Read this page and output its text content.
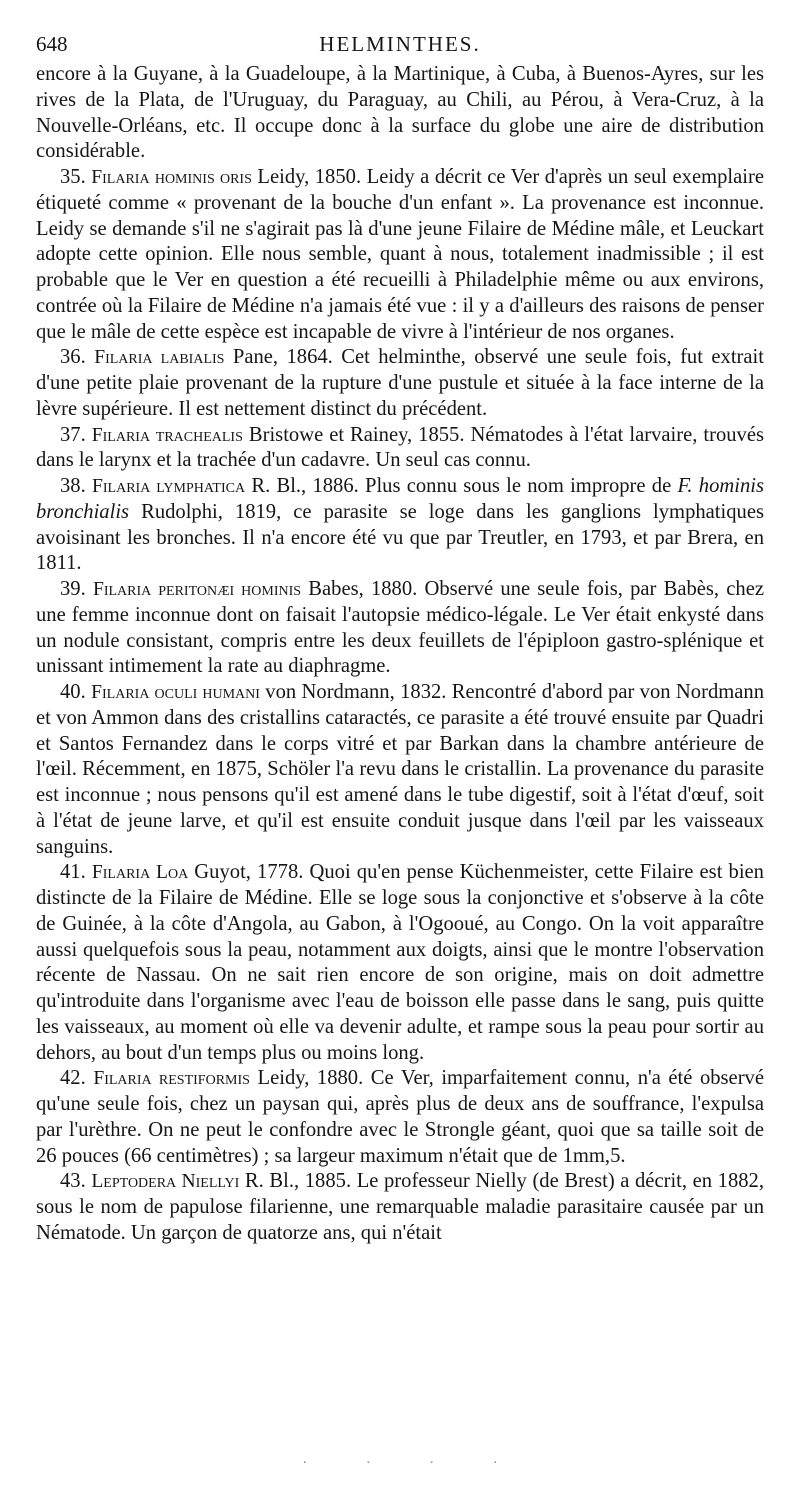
648	HELMINTHES.

encore à la Guyane, à la Guadeloupe, à la Martinique, à Cuba, à Buenos-Ayres, sur les rives de la Plata, de l'Uruguay, du Paraguay, au Chili, au Pérou, à Vera-Cruz, à la Nouvelle-Orléans, etc. Il occupe donc à la surface du globe une aire de distribution considérable.

35. Filaria hominis oris Leidy, 1850. Leidy a décrit ce Ver d'après un seul exemplaire étiqueté comme « provenant de la bouche d'un enfant ». La provenance est inconnue. Leidy se demande s'il ne s'agirait pas là d'une jeune Filaire de Médine mâle, et Leuckart adopte cette opinion. Elle nous semble, quant à nous, totalement inadmissible ; il est probable que le Ver en question a été recueilli à Philadelphie même ou aux environs, contrée où la Filaire de Médine n'a jamais été vue : il y a d'ailleurs des raisons de penser que le mâle de cette espèce est incapable de vivre à l'intérieur de nos organes.

36. Filaria labialis Pane, 1864. Cet helminthe, observé une seule fois, fut extrait d'une petite plaie provenant de la rupture d'une pustule et située à la face interne de la lèvre supérieure. Il est nettement distinct du précédent.

37. Filaria trachealis Bristowe et Rainey, 1855. Nématodes à l'état larvaire, trouvés dans le larynx et la trachée d'un cadavre. Un seul cas connu.

38. Filaria lymphatica R. Bl., 1886. Plus connu sous le nom impropre de F. hominis bronchialis Rudolphi, 1819, ce parasite se loge dans les ganglions lymphatiques avoisinant les bronches. Il n'a encore été vu que par Treutler, en 1793, et par Brera, en 1811.

39. Filaria peritonæi hominis Babes, 1880. Observé une seule fois, par Babès, chez une femme inconnue dont on faisait l'autopsie médico-légale. Le Ver était enkysté dans un nodule consistant, compris entre les deux feuillets de l'épiploon gastro-splénique et unissant intimement la rate au diaphragme.

40. Filaria oculi humani von Nordmann, 1832. Rencontré d'abord par von Nordmann et von Ammon dans des cristallins cataractés, ce parasite a été trouvé ensuite par Quadri et Santos Fernandez dans le corps vitré et par Barkan dans la chambre antérieure de l'œil. Récemment, en 1875, Schöler l'a revu dans le cristallin. La provenance du parasite est inconnue ; nous pensons qu'il est amené dans le tube digestif, soit à l'état d'œuf, soit à l'état de jeune larve, et qu'il est ensuite conduit jusque dans l'œil par les vaisseaux sanguins.

41. Filaria Loa Guyot, 1778. Quoi qu'en pense Küchenmeister, cette Filaire est bien distincte de la Filaire de Médine. Elle se loge sous la conjonctive et s'observe à la côte de Guinée, à la côte d'Angola, au Gabon, à l'Ogooué, au Congo. On la voit apparaître aussi quelquefois sous la peau, notamment aux doigts, ainsi que le montre l'observation récente de Nassau. On ne sait rien encore de son origine, mais on doit admettre qu'introduite dans l'organisme avec l'eau de boisson elle passe dans le sang, puis quitte les vaisseaux, au moment où elle va devenir adulte, et rampe sous la peau pour sortir au dehors, au bout d'un temps plus ou moins long.

42. Filaria restiformis Leidy, 1880. Ce Ver, imparfaitement connu, n'a été observé qu'une seule fois, chez un paysan qui, après plus de deux ans de souffrance, l'expulsa par l'urèthre. On ne peut le confondre avec le Strongle géant, quoi que sa taille soit de 26 pouces (66 centimètres) ; sa largeur maximum n'était que de 1mm,5.

43. Leptodera Niellyi R. Bl., 1885. Le professeur Nielly (de Brest) a décrit, en 1882, sous le nom de papulose filarienne, une remarquable maladie parasitaire causée par un Nématode. Un garçon de quatorze ans, qui n'était

.	.	.	.
